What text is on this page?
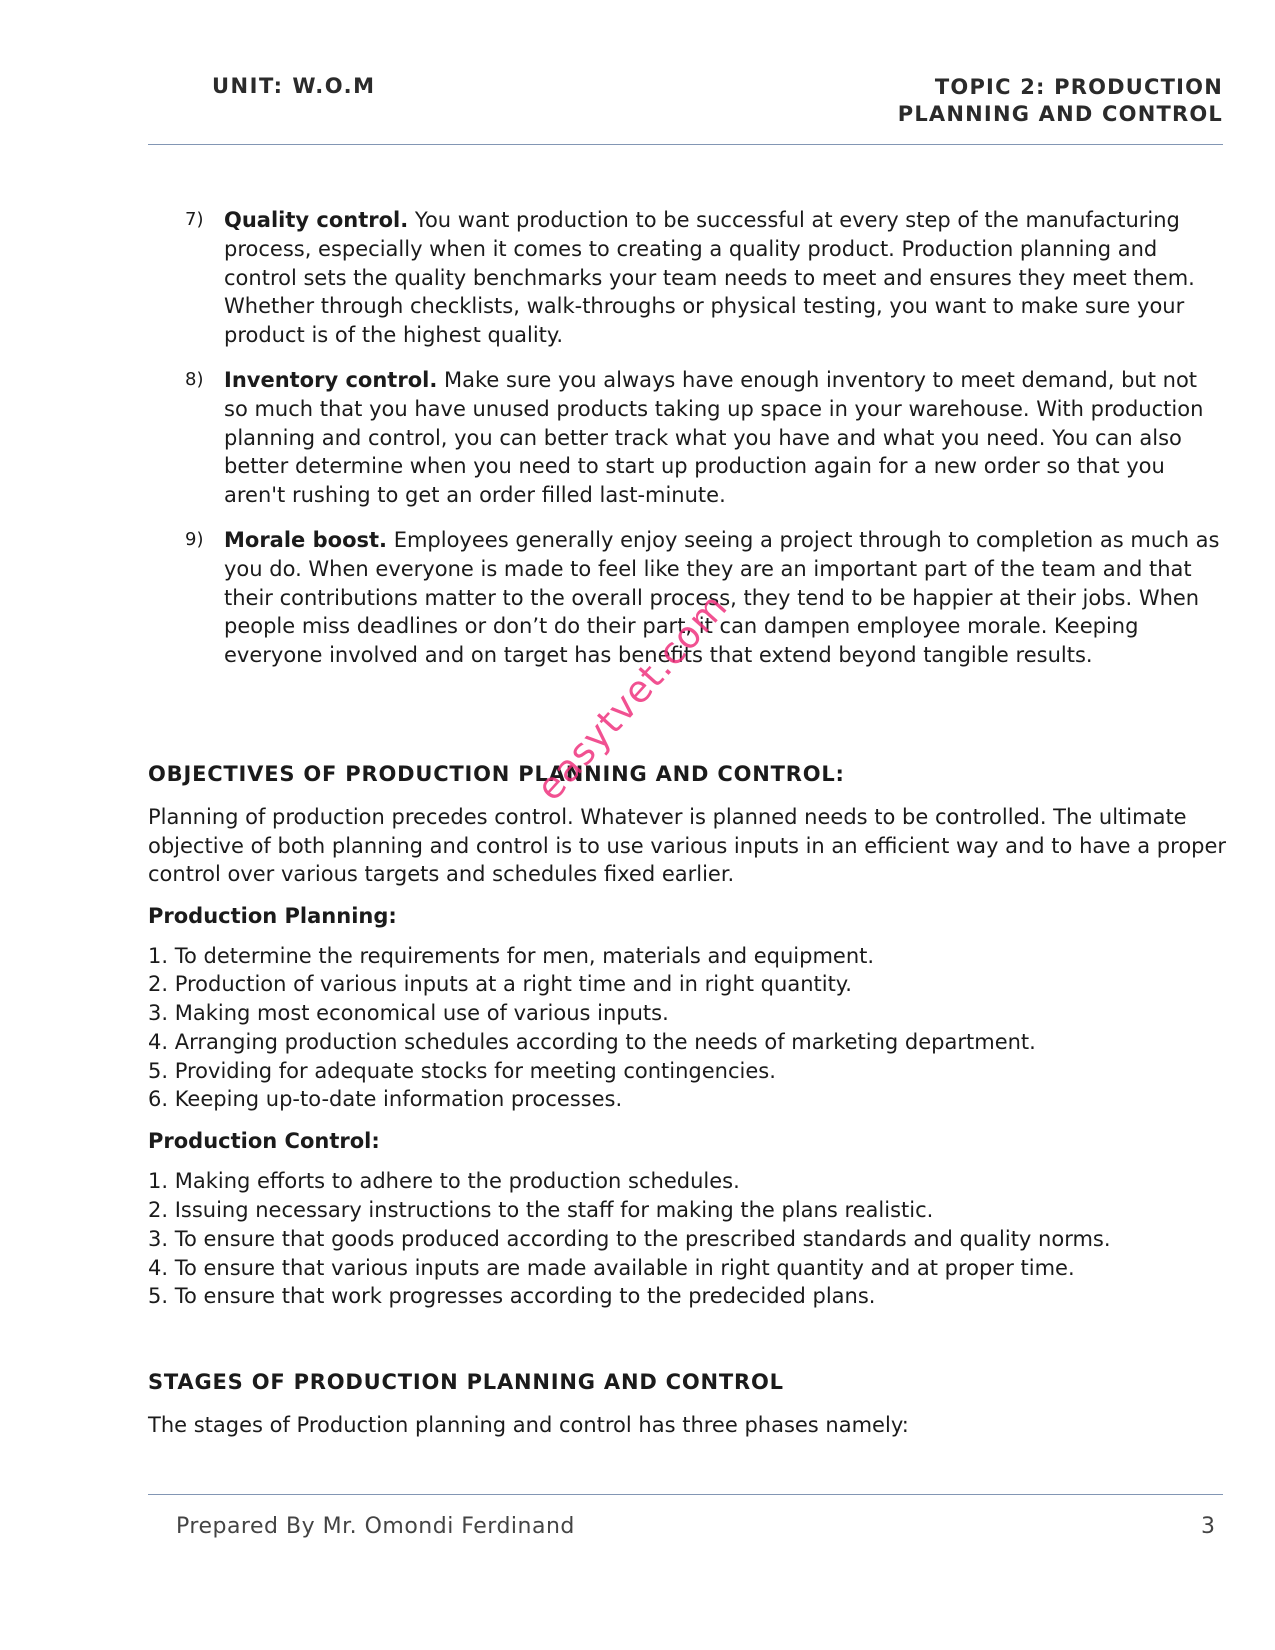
UNIT: W.O.M	TOPIC 2: PRODUCTION
PLANNING AND CONTROL
7) Quality control. You want production to be successful at every step of the manufacturing process, especially when it comes to creating a quality product. Production planning and control sets the quality benchmarks your team needs to meet and ensures they meet them. Whether through checklists, walk-throughs or physical testing, you want to make sure your product is of the highest quality.
8) Inventory control. Make sure you always have enough inventory to meet demand, but not so much that you have unused products taking up space in your warehouse. With production planning and control, you can better track what you have and what you need. You can also better determine when you need to start up production again for a new order so that you aren't rushing to get an order filled last-minute.
9) Morale boost. Employees generally enjoy seeing a project through to completion as much as you do. When everyone is made to feel like they are an important part of the team and that their contributions matter to the overall process, they tend to be happier at their jobs. When people miss deadlines or don’t do their part, it can dampen employee morale. Keeping everyone involved and on target has benefits that extend beyond tangible results.
OBJECTIVES OF PRODUCTION PLANNING AND CONTROL:

Planning of production precedes control. Whatever is planned needs to be controlled. The ultimate objective of both planning and control is to use various inputs in an efficient way and to have a proper control over various targets and schedules fixed earlier.

Production Planning:
1. To determine the requirements for men, materials and equipment.
2. Production of various inputs at a right time and in right quantity.
3. Making most economical use of various inputs.
4. Arranging production schedules according to the needs of marketing department.
5. Providing for adequate stocks for meeting contingencies.
6. Keeping up-to-date information processes.
Production Control:
1. Making efforts to adhere to the production schedules.
2. Issuing necessary instructions to the staff for making the plans realistic.
3. To ensure that goods produced according to the prescribed standards and quality norms.
4. To ensure that various inputs are made available in right quantity and at proper time.
5. To ensure that work progresses according to the predecided plans.
STAGES OF PRODUCTION PLANNING AND CONTROL

The stages of Production planning and control has three phases namely:

easytvet.com
Prepared By Mr. Omondi Ferdinand	3
